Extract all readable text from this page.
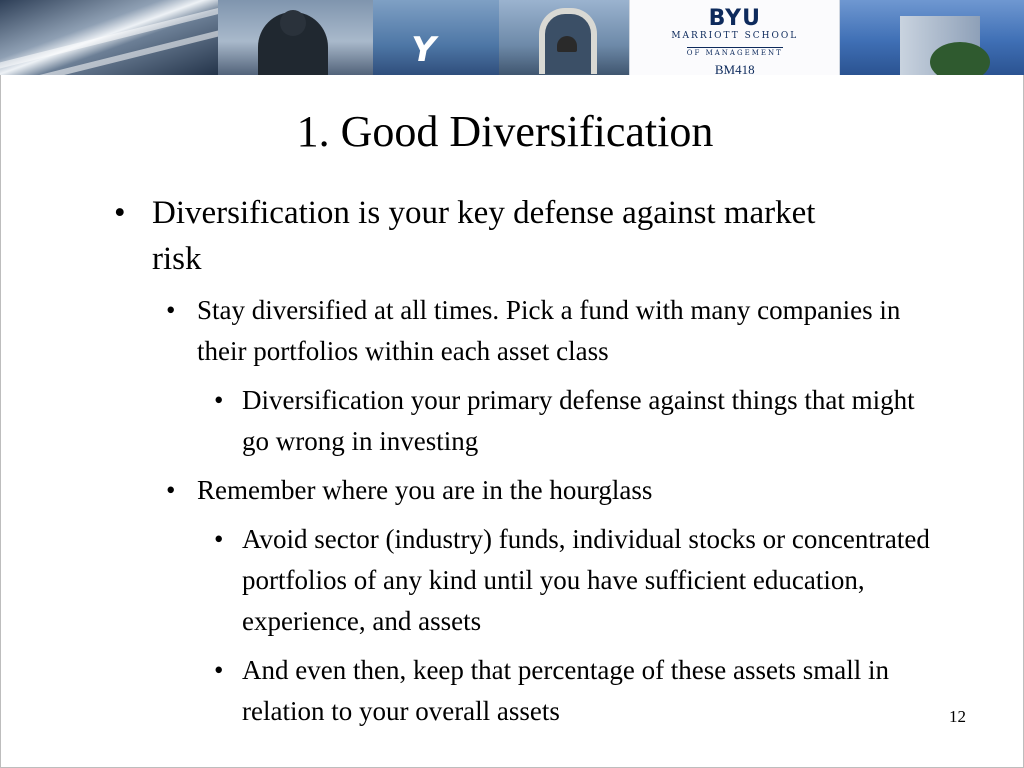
Y
BYU
MARRIOTT SCHOOL
OF MANAGEMENT
BM418
1. Good Diversification
• Diversification is your key defense against market risk
• Stay diversified at all times. Pick a fund with many companies in their portfolios within each asset class
• Diversification your primary defense against things that might go wrong in investing
• Remember where you are in the hourglass
• Avoid sector (industry) funds, individual stocks or concentrated portfolios of any kind until you have sufficient education, experience, and assets
• And even then, keep that percentage of these assets small in relation to your overall assets	12
